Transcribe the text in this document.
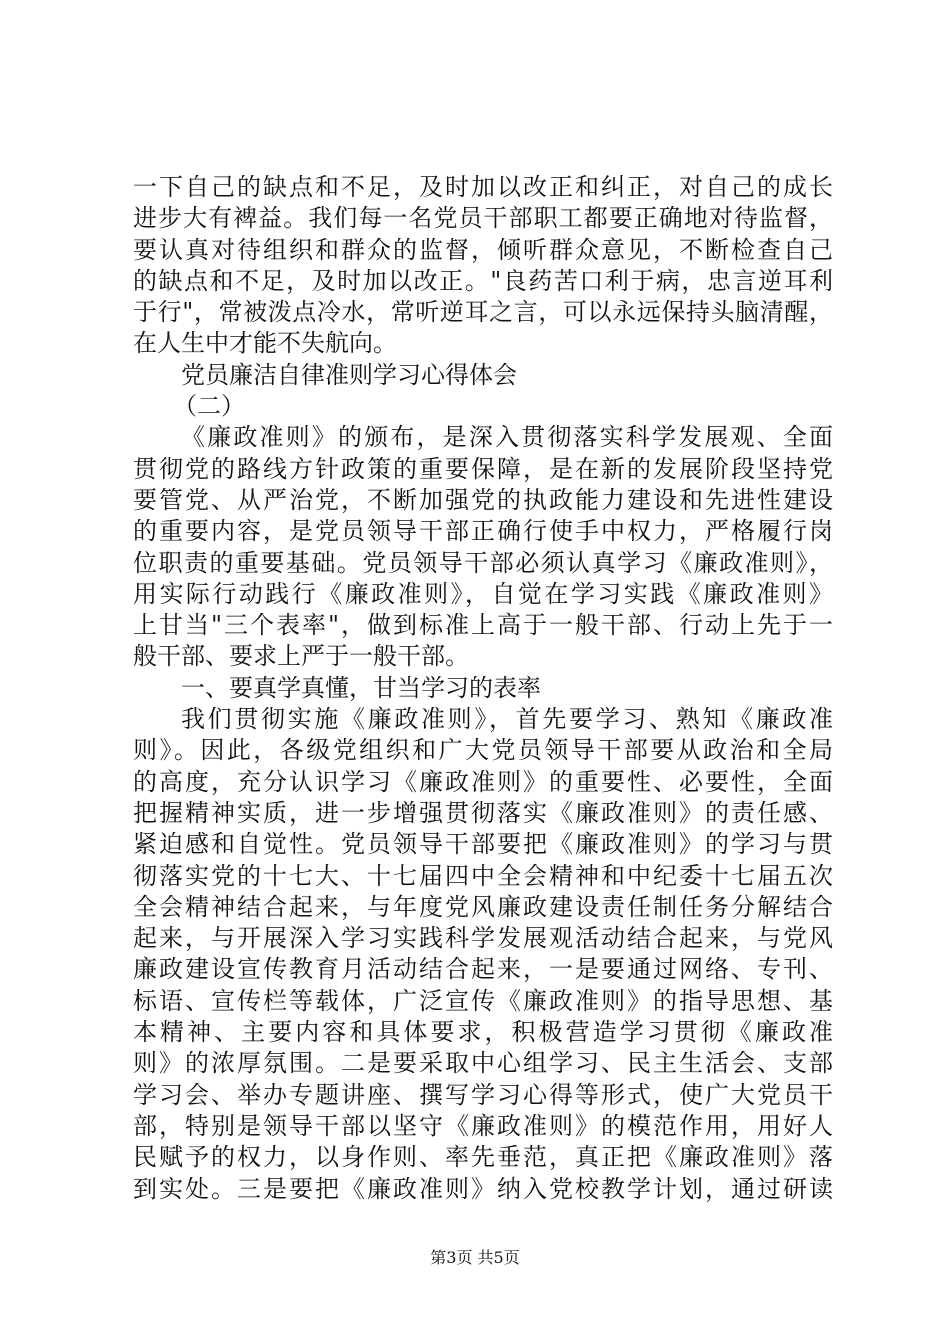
一下自己的缺点和不足，及时加以改正和纠正，对自己的成长
进步大有裨益。我们每一名党员干部职工都要正确地对待监督，
要认真对待组织和群众的监督，倾听群众意见，不断检查自己
的缺点和不足，及时加以改正。"良药苦口利于病，忠言逆耳利
于行"，常被泼点冷水，常听逆耳之言，可以永远保持头脑清醒，
在人生中才能不失航向。
党员廉洁自律准则学习心得体会
（二）
《廉政准则》的颁布，是深入贯彻落实科学发展观、全面
贯彻党的路线方针政策的重要保障，是在新的发展阶段坚持党
要管党、从严治党，不断加强党的执政能力建设和先进性建设
的重要内容，是党员领导干部正确行使手中权力，严格履行岗
位职责的重要基础。党员领导干部必须认真学习《廉政准则》，
用实际行动践行《廉政准则》，自觉在学习实践《廉政准则》
上甘当"三个表率"，做到标准上高于一般干部、行动上先于一
般干部、要求上严于一般干部。
一、要真学真懂，甘当学习的表率
我们贯彻实施《廉政准则》，首先要学习、熟知《廉政准
则》。因此，各级党组织和广大党员领导干部要从政治和全局
的高度，充分认识学习《廉政准则》的重要性、必要性，全面
把握精神实质，进一步增强贯彻落实《廉政准则》的责任感、
紧迫感和自觉性。党员领导干部要把《廉政准则》的学习与贯
彻落实党的十七大、十七届四中全会精神和中纪委十七届五次
全会精神结合起来，与年度党风廉政建设责任制任务分解结合
起来，与开展深入学习实践科学发展观活动结合起来，与党风
廉政建设宣传教育月活动结合起来，一是要通过网络、专刊、
标语、宣传栏等载体，广泛宣传《廉政准则》的指导思想、基
本精神、主要内容和具体要求，积极营造学习贯彻《廉政准
则》的浓厚氛围。二是要采取中心组学习、民主生活会、支部
学习会、举办专题讲座、撰写学习心得等形式，使广大党员干
部，特别是领导干部以坚守《廉政准则》的模范作用，用好人
民赋予的权力，以身作则、率先垂范，真正把《廉政准则》落
到实处。三是要把《廉政准则》纳入党校教学计划，通过研读
第3页 共5页
